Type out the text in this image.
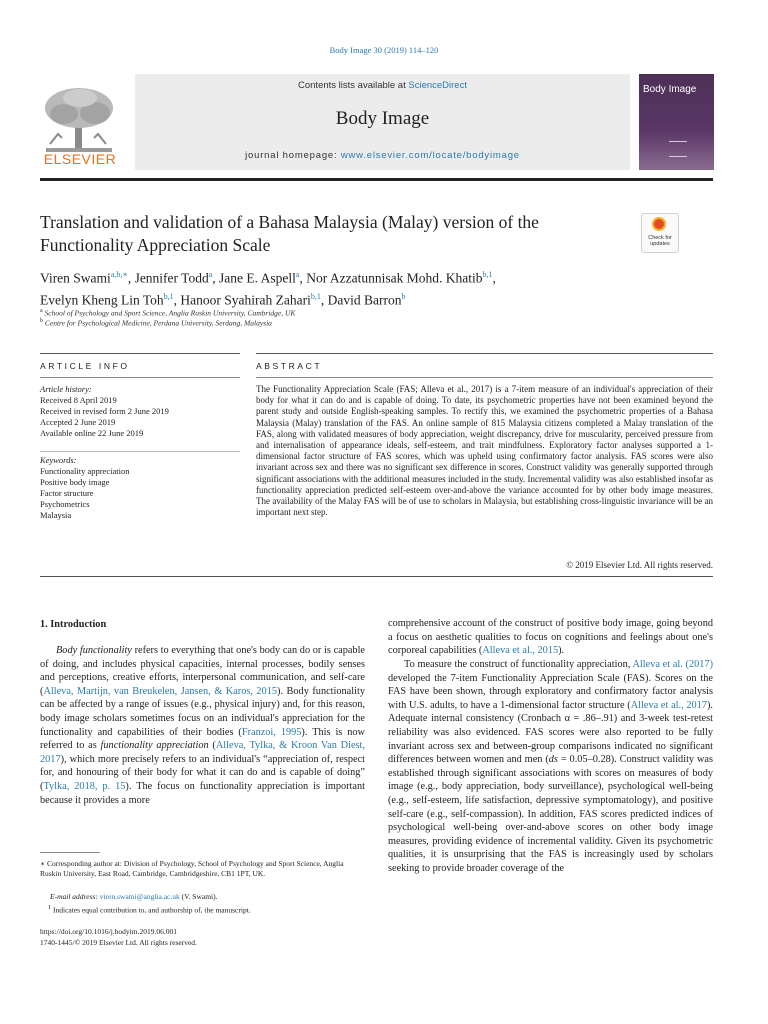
Body Image 30 (2019) 114–120
ELSEVIER
Contents lists available at ScienceDirect
Body Image
journal homepage: www.elsevier.com/locate/bodyimage
Body Image
Translation and validation of a Bahasa Malaysia (Malay) version of the
Functionality Appreciation Scale	Check for updates
Viren Swami$^{a,b,∗}$, Jennifer Todd$^a$, Jane E. Aspell$^a$, Nor Azzatunnisak Mohd. Khatib$^{b,1}$,
Evelyn Kheng Lin Toh$^{b,1}$, Hanoor Syahirah Zahari$^{b,1}$, David Barron$^b$
$^a$ School of Psychology and Sport Science, Anglia Ruskin University, Cambridge, UK
$^b$ Centre for Psychological Medicine, Perdana University, Serdang, Malaysia
ARTICLE INFO
Article history:
Received 8 April 2019
Received in revised form 2 June 2019
Accepted 2 June 2019
Available online 22 June 2019
Keywords:
Functionality appreciation
Positive body image
Factor structure
Psychometrics
Malaysia
ABSTRACT
The Functionality Appreciation Scale (FAS; Alleva et al., 2017) is a 7-item measure of an individual's appreciation of their body for what it can do and is capable of doing. To date, its psychometric properties have not been examined beyond the parent study and outside English-speaking samples. To rectify this, we examined the psychometric properties of a Bahasa Malaysia (Malay) translation of the FAS. An online sample of 815 Malaysia citizens completed a Malay translation of the FAS, along with validated measures of body appreciation, weight discrepancy, drive for muscularity, perceived pressure from and internalisation of appearance ideals, self-esteem, and trait mindfulness. Exploratory factor analyses supported a 1-dimensional factor structure of FAS scores, which was upheld using confirmatory factor analysis. FAS scores were also invariant across sex and there was no significant sex difference in scores. Construct validity was generally supported through significant associations with the additional measures included in the study. Incremental validity was also established insofar as functionality appreciation predicted self-esteem over-and-above the variance accounted for by other body image measures. The availability of the Malay FAS will be of use to scholars in Malaysia, but establishing cross-linguistic invariance will be an important next step.
© 2019 Elsevier Ltd. All rights reserved.
1. Introduction
Body functionality refers to everything that one's body can do or is capable of doing, and includes physical capacities, internal processes, bodily senses and perceptions, creative efforts, interpersonal communication, and self-care (Alleva, Martijn, van Breukelen, Jansen, & Karos, 2015). Body functionality can be affected by a range of issues (e.g., physical injury) and, for this reason, body image scholars sometimes focus on an individual's appreciation for the functionality and capabilities of their bodies (Franzoi, 1995). This is now referred to as functionality appreciation (Alleva, Tylka, & Kroon Van Diest, 2017), which more precisely refers to an individual's “appreciation of, respect for, and honouring of their body for what it can do and is capable of doing” (Tylka, 2018, p. 15). The focus on functionality appreciation is important because it provides a more
∗ Corresponding author at: Division of Psychology, School of Psychology and Sport Science, Anglia Ruskin University, East Road, Cambridge, Cambridgeshire, CB1 1PT, UK.
E-mail address: viren.swami@anglia.ac.uk (V. Swami).
$^1$ Indicates equal contribution to, and authorship of, the manuscript.
https://doi.org/10.1016/j.bodyim.2019.06.001
1740-1445/© 2019 Elsevier Ltd. All rights reserved.
comprehensive account of the construct of positive body image, going beyond a focus on aesthetic qualities to focus on cognitions and feelings about one's corporeal capabilities (Alleva et al., 2015).
To measure the construct of functionality appreciation, Alleva et al. (2017) developed the 7-item Functionality Appreciation Scale (FAS). Scores on the FAS have been shown, through exploratory and confirmatory factor analysis with U.S. adults, to have a 1-dimensional factor structure (Alleva et al., 2017). Adequate internal consistency (Cronbach α = .86–.91) and 3-week test-retest reliability was also evidenced. FAS scores were also reported to be fully invariant across sex and between-group comparisons indicated no significant differences between women and men (ds = 0.05–0.28). Construct validity was established through significant associations with scores on measures of body image (e.g., body appreciation, body surveillance), psychological well-being (e.g., self-esteem, life satisfaction, depressive symptomatology), and positive self-care (e.g., self-compassion). In addition, FAS scores predicted indices of psychological well-being over-and-above scores on other body image measures, providing evidence of incremental validity. Given its psychometric qualities, it is unsurprising that the FAS is increasingly used by scholars seeking to provide broader coverage of the
